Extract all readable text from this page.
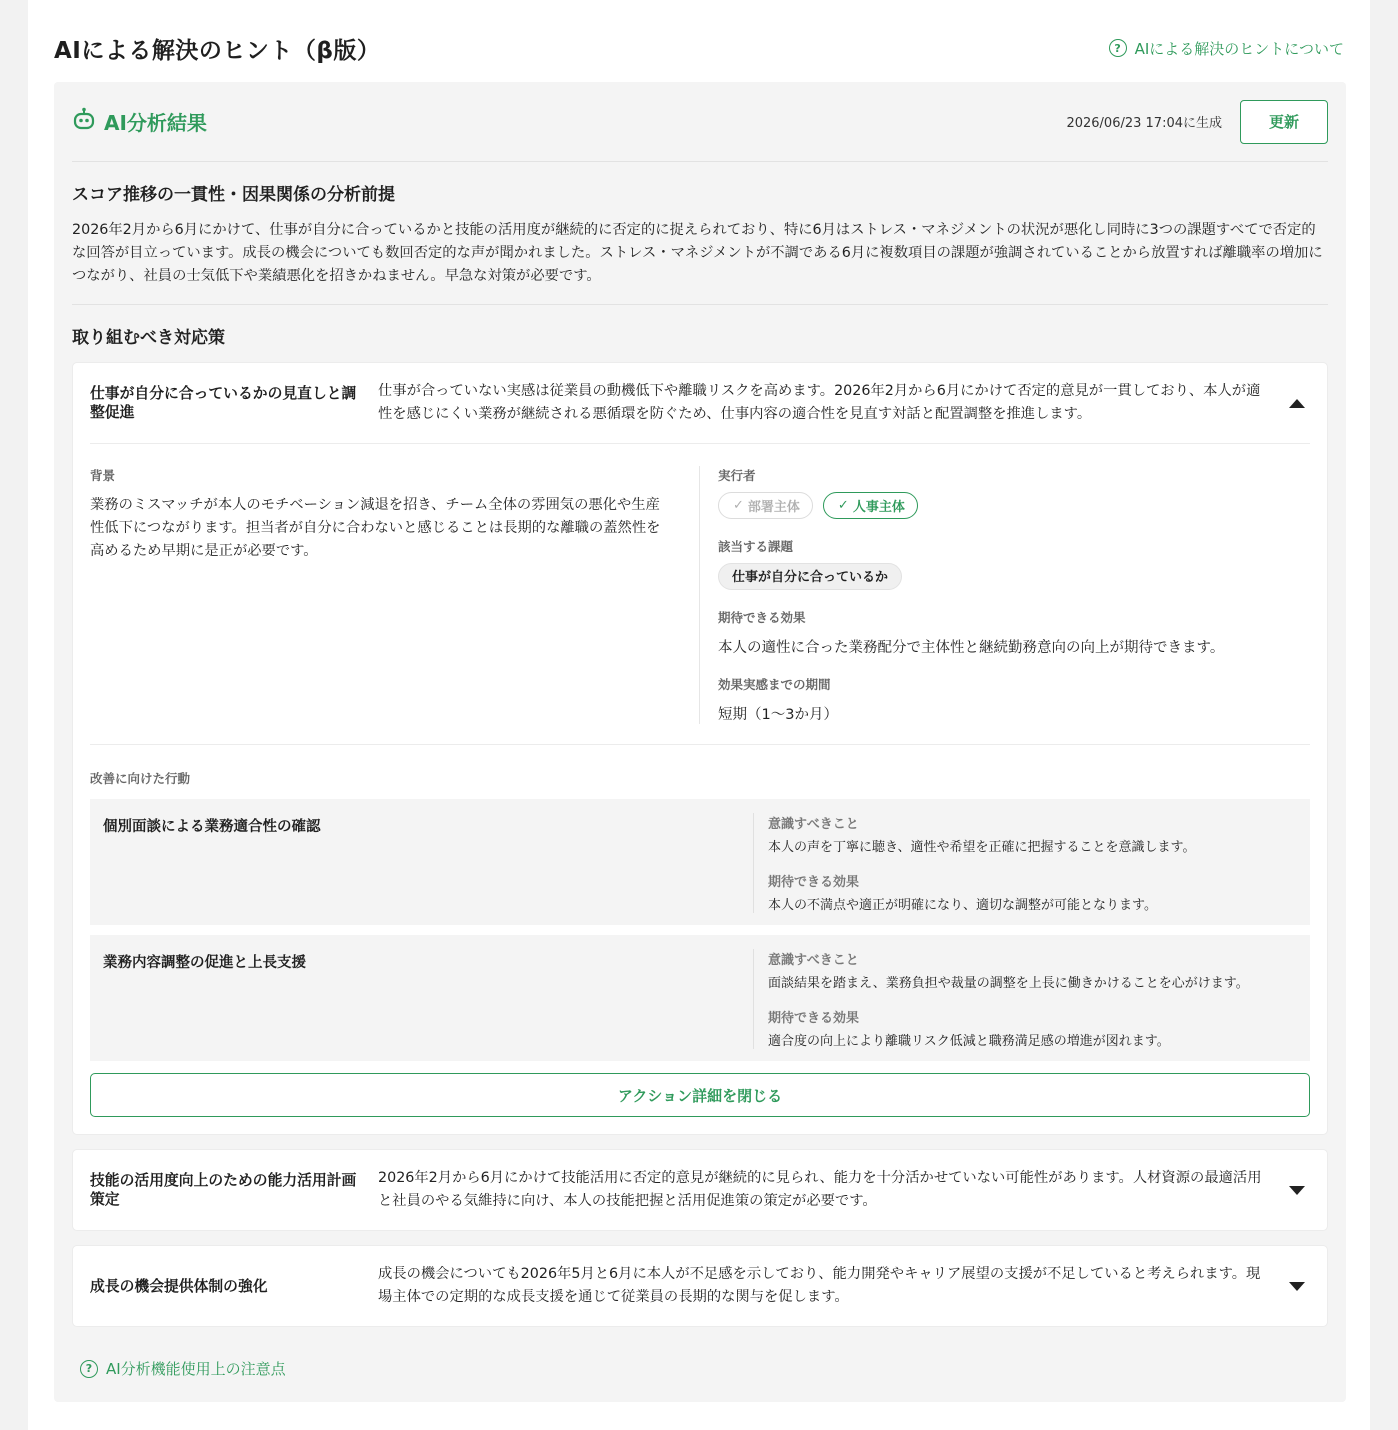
AIによる解決のヒント（β版）	? AIによる解決のヒントについて
AI分析結果	2026/06/23 17:04に生成	更新
スコア推移の一貫性・因果関係の分析前提

2026年2月から6月にかけて、仕事が自分に合っているかと技能の活用度が継続的に否定的に捉えられており、特に6月はストレス・マネジメントの状況が悪化し同時に3つの課題すべてで否定的な回答が目立っています。成長の機会についても数回否定的な声が聞かれました。ストレス・マネジメントが不調である6月に複数項目の課題が強調されていることから放置すれば離職率の増加につながり、社員の士気低下や業績悪化を招きかねません。早急な対策が必要です。

取り組むべき対応策
仕事が自分に合っているかの見直しと調整促進
仕事が合っていない実感は従業員の動機低下や離職リスクを高めます。2026年2月から6月にかけて否定的意見が一貫しており、本人が適性を感じにくい業務が継続される悪循環を防ぐため、仕事内容の適合性を見直す対話と配置調整を推進します。
背景

業務のミスマッチが本人のモチベーション減退を招き、チーム全体の雰囲気の悪化や生産性低下につながります。担当者が自分に合わないと感じることは長期的な離職の蓋然性を高めるため早期に是正が必要です。

実行者
✓ 部署主体	✓ 人事主体
該当する課題
仕事が自分に合っているか
期待できる効果
本人の適性に合った業務配分で主体性と継続勤務意向の向上が期待できます。
効果実感までの期間
短期（1〜3か月）
改善に向けた行動
個別面談による業務適合性の確認	意識すべきこと
本人の声を丁寧に聴き、適性や希望を正確に把握することを意識します。
期待できる効果
本人の不満点や適正が明確になり、適切な調整が可能となります。
業務内容調整の促進と上長支援	意識すべきこと
面談結果を踏まえ、業務負担や裁量の調整を上長に働きかけることを心がけます。
期待できる効果
適合度の向上により離職リスク低減と職務満足感の増進が図れます。
アクション詳細を閉じる
技能の活用度向上のための能力活用計画策定
2026年2月から6月にかけて技能活用に否定的意見が継続的に見られ、能力を十分活かせていない可能性があります。人材資源の最適活用と社員のやる気維持に向け、本人の技能把握と活用促進策の策定が必要です。
成長の機会提供体制の強化
成長の機会についても2026年5月と6月に本人が不足感を示しており、能力開発やキャリア展望の支援が不足していると考えられます。現場主体での定期的な成長支援を通じて従業員の長期的な関与を促します。
? AI分析機能使用上の注意点
